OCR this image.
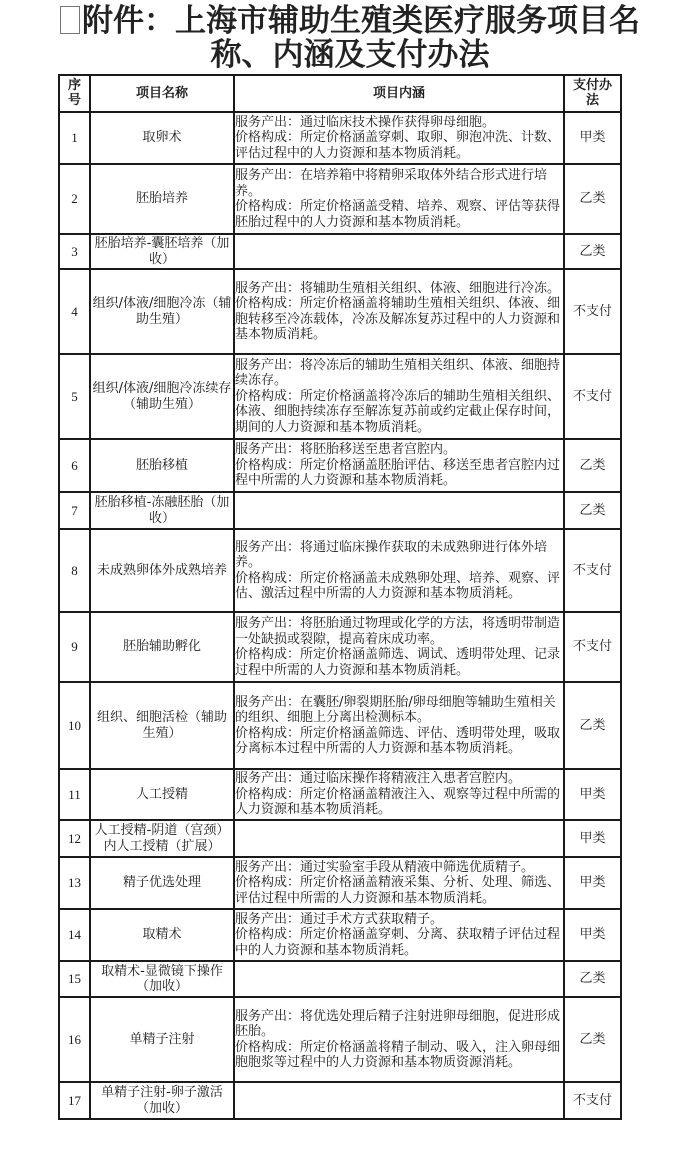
附件：上海市辅助生殖类医疗服务项目名
称、内涵及支付办法
序号	项目名称	项目内涵	支付办法
1	取卵术	服务产出：通过临床技术操作获得卵母细胞。
价格构成：所定价格涵盖穿刺、取卵、卵泡冲洗、计数、评估过程中的人力资源和基本物质消耗。	甲类
2	胚胎培养	服务产出：在培养箱中将精卵采取体外结合形式进行培养。
价格构成：所定价格涵盖受精、培养、观察、评估等获得胚胎过程中的人力资源和基本物质消耗。	乙类
3	胚胎培养-囊胚培养（加收）		乙类
4	组织/体液/细胞冷冻（辅助生殖）	服务产出：将辅助生殖相关组织、体液、细胞进行冷冻。
价格构成：所定价格涵盖将辅助生殖相关组织、体液、细胞转移至冷冻载体，冷冻及解冻复苏过程中的人力资源和基本物质消耗。	不支付
5	组织/体液/细胞冷冻续存（辅助生殖）	服务产出：将冷冻后的辅助生殖相关组织、体液、细胞持续冻存。
价格构成：所定价格涵盖将冷冻后的辅助生殖相关组织、体液、细胞持续冻存至解冻复苏前或约定截止保存时间，期间的人力资源和基本物质消耗。	不支付
6	胚胎移植	服务产出：将胚胎移送至患者宫腔内。
价格构成：所定价格涵盖胚胎评估、移送至患者宫腔内过程中所需的人力资源和基本物质消耗。	乙类
7	胚胎移植-冻融胚胎（加收）		乙类
8	未成熟卵体外成熟培养	服务产出：将通过临床操作获取的未成熟卵进行体外培养。
价格构成：所定价格涵盖未成熟卵处理、培养、观察、评估、激活过程中所需的人力资源和基本物质消耗。	不支付
9	胚胎辅助孵化	服务产出：将胚胎通过物理或化学的方法，将透明带制造一处缺损或裂隙，提高着床成功率。
价格构成：所定价格涵盖筛选、调试、透明带处理、记录过程中所需的人力资源和基本物质消耗。	不支付
10	组织、细胞活检（辅助生殖）	服务产出：在囊胚/卵裂期胚胎/卵母细胞等辅助生殖相关的组织、细胞上分离出检测标本。
价格构成：所定价格涵盖筛选、评估、透明带处理，吸取分离标本过程中所需的人力资源和基本物质消耗。	乙类
11	人工授精	服务产出：通过临床操作将精液注入患者宫腔内。
价格构成：所定价格涵盖精液注入、观察等过程中所需的人力资源和基本物质消耗。	甲类
12	人工授精-阴道（宫颈）内人工授精（扩展）		甲类
13	精子优选处理	服务产出：通过实验室手段从精液中筛选优质精子。
价格构成：所定价格涵盖精液采集、分析、处理、筛选、评估过程中所需的人力资源和基本物质消耗。	甲类
14	取精术	服务产出：通过手术方式获取精子。
价格构成：所定价格涵盖穿刺、分离、获取精子评估过程中的人力资源和基本物质消耗。	甲类
15	取精术-显微镜下操作（加收）		乙类
16	单精子注射	服务产出：将优选处理后精子注射进卵母细胞，促进形成胚胎。
价格构成：所定价格涵盖将精子制动、吸入，注入卵母细胞胞浆等过程中的人力资源和基本物质资源消耗。	乙类
17	单精子注射-卵子激活（加收）		不支付
